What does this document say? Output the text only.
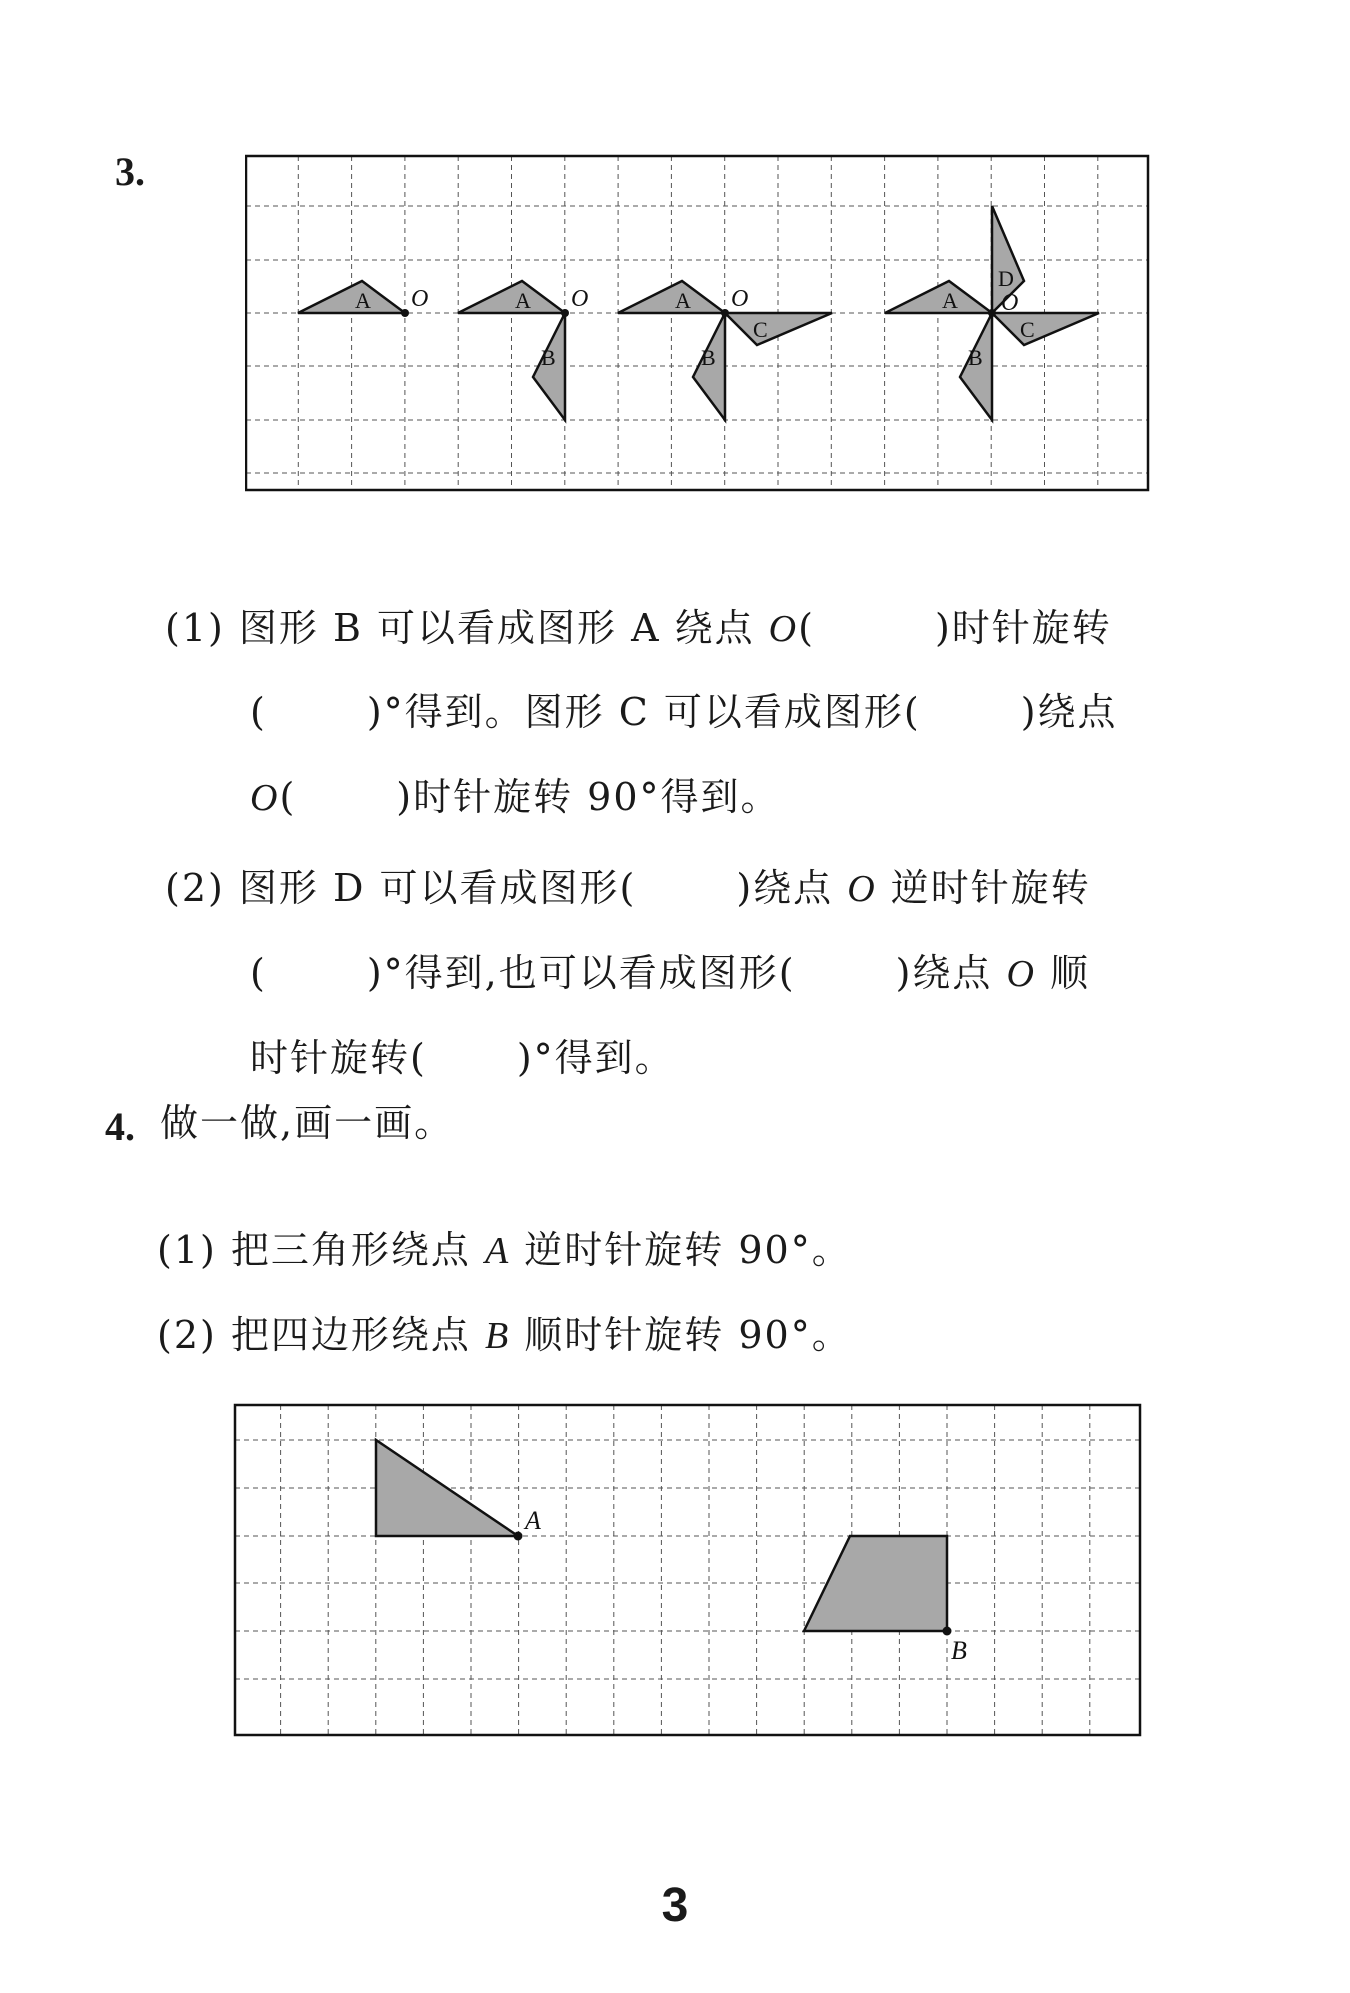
3.
A	A
B
A
B
C
A
B
C
D
O	O	O	O

(1) 图形 B 可以看成图形 A 绕点 O(	)时针旋转

(	)°得到。图形 C 可以看成图形(	)绕点

O(	)时针旋转 90°得到。

(2) 图形 D 可以看成图形(	)绕点 O 逆时针旋转

(	)°得到,也可以看成图形(	)绕点 O 顺

时针旋转( )°得到。

4. 做一做,画一画。

(1) 把三角形绕点 A 逆时针旋转 90°。

(2) 把四边形绕点 B 顺时针旋转 90°。

A
B
3
